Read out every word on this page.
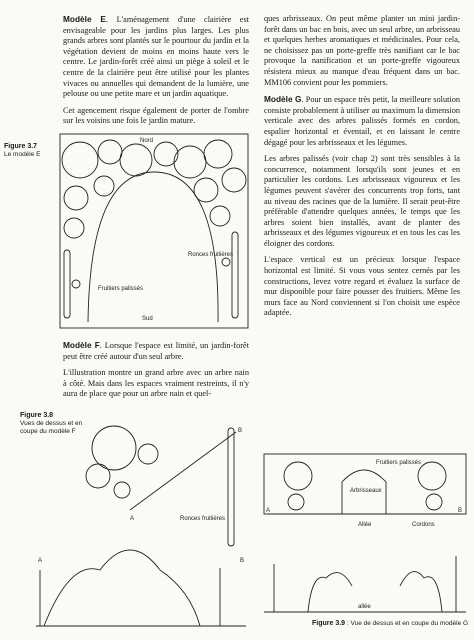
Modèle E. L'aménagement d'une clairière est envisageable pour les jardins plus larges. Les plus grands arbres sont plantés sur le pourtour du jardin et la végétation devient de moins en moins haute vers le centre. Le jardin-forêt créé ainsi un piège à soleil et le centre de la clairière peut être utilisé pour les plantes vivaces ou annuelles qui demandent de la lumière, une pelouse ou une petite mare et un jardin aquatique.

Cet agencement risque également de porter de l'ombre sur les voisins une fois le jardin mature.

Figure 3.7
Le modèle E
Nord
Sud
Ronces fruitières
Fruitiers palissés

Modèle F. Lorsque l'espace est limité, un jardin-forêt peut être créé autour d'un seul arbre.

L'illustration montre un grand arbre avec un arbre nain à côté. Mais dans les espaces vraiment restreints, il n'y aura de place que pour un arbre nain et quel-

Figure 3.8
Vues de dessus et en coupe du modèle F
A
B
Ronces fruitières
A	B

ques arbrisseaux. On peut même planter un mini jardin-forêt dans un bac en bois, avec un seul arbre, un arbrisseau et quelques herbes aromatiques et médicinales. Pour cela, ne choisissez pas un porte-greffe très nanifiant car le bac provoque la nanification et un porte-greffe vigoureux résistera mieux au manque d'eau fréquent dans un bac. MM106 convient pour les pommiers.

Modèle G. Pour un espace très petit, la meilleure solution consiste probablement à utiliser au maximum la dimension verticale avec des arbres palissés formés en cordon, espalier horizontal et éventail, et en laissant le centre dégagé pour les arbrisseaux et les légumes.

Les arbres palissés (voir chap 2) sont très sensibles à la concurrence, notamment lorsqu'ils sont jeunes et en particulier les cordons. Les arbrisseaux vigoureux et les légumes peuvent s'avérer des concurrents trop forts, tant au niveau des racines que de la lumière. Il serait peut-être préférable d'attendre quelques années, le temps que les arbres soient bien installés, avant de planter des arbrisseaux et des légumes vigoureux et en tous les cas les éloigner des cordons.

L'espace vertical est un précieux lorsque l'espace horizontal est limité. Si vous vous sentez cernés par les constructions, levez votre regard et évaluez la surface de mur disponible pour faire pousser des fruitiers. Même les murs face au Nord conviennent si l'on choisit une espèce adaptée.

Fruitiers palissés
Arbrisseaux
Allée	Cordons
A	B
allée
Figure 3.9 : Vue de dessus et en coupe du modèle G
